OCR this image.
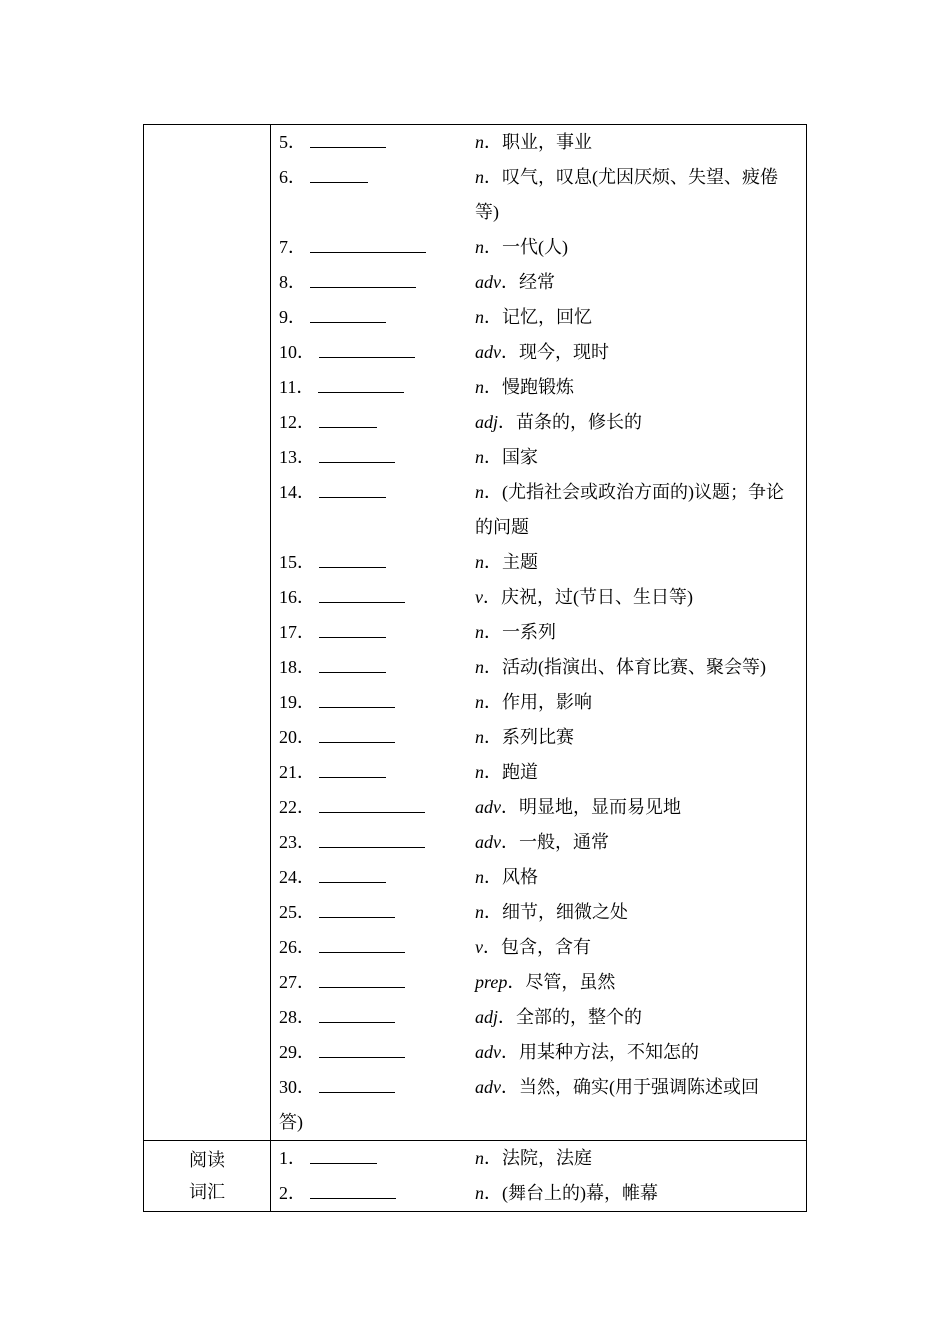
5．	n．职业，事业
6．	n．叹气，叹息(尤因厌烦、失望、疲倦等)
7．	n．一代(人)
8．	adv．经常
9．	n．记忆，回忆
10．	adv．现今，现时
11．	n．慢跑锻炼
12．	adj．苗条的，修长的
13．	n．国家
14．	n．(尤指社会或政治方面的)议题；争论的问题
15．	n．主题
16．	v．庆祝，过(节日、生日等)
17．	n．一系列
18．	n．活动(指演出、体育比赛、聚会等)
19．	n．作用，影响
20．	n．系列比赛
21．	n．跑道
22．	adv．明显地，显而易见地
23．	adv．一般，通常
24．	n．风格
25．	n．细节，细微之处
26．	v．包含，含有
27．	prep．尽管，虽然
28．	adj．全部的，整个的
29．	adv．用某种方法，不知怎的
30．	adv．当然，确实(用于强调陈述或回
答)
阅读
词汇
1．	n．法院，法庭
2．	n．(舞台上的)幕，帷幕
